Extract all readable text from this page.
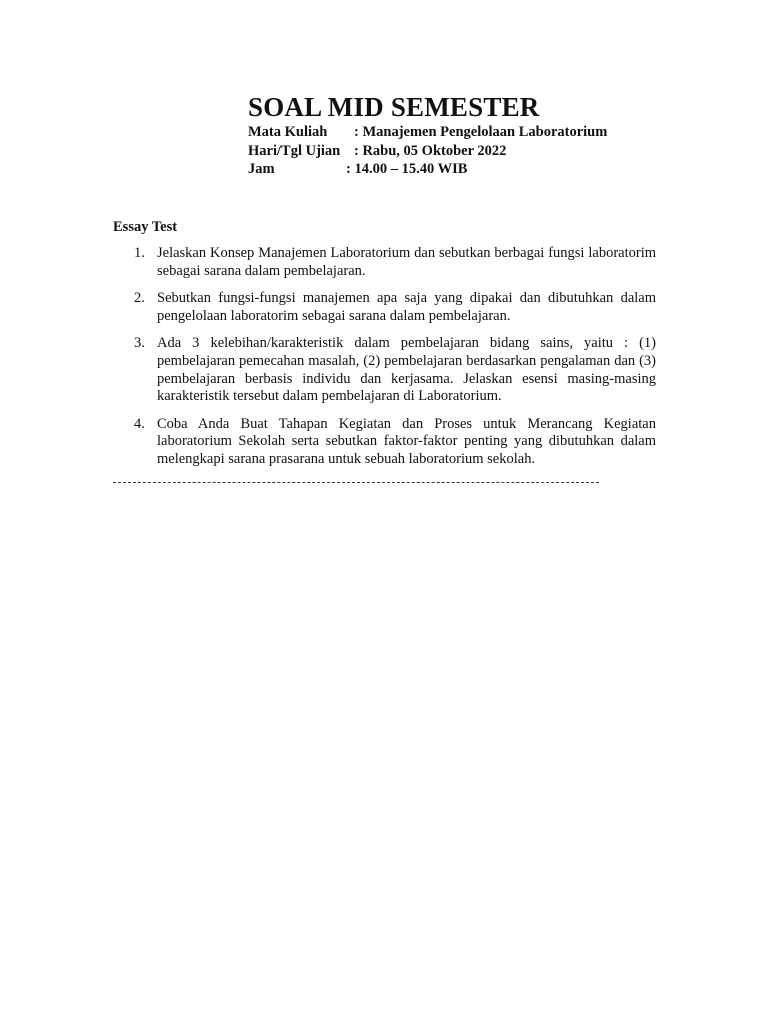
SOAL MID SEMESTER
Mata Kuliah : Manajemen Pengelolaan Laboratorium
Hari/Tgl Ujian : Rabu, 05 Oktober 2022
Jam	: 14.00 – 15.40 WIB
Essay Test
1. Jelaskan Konsep Manajemen Laboratorium dan sebutkan berbagai fungsi laboratorim sebagai sarana dalam pembelajaran.
2. Sebutkan fungsi-fungsi manajemen apa saja yang dipakai dan dibutuhkan dalam pengelolaan laboratorim sebagai sarana dalam pembelajaran.
3. Ada 3 kelebihan/karakteristik dalam pembelajaran bidang sains, yaitu : (1) pembelajaran pemecahan masalah, (2) pembelajaran berdasarkan pengalaman dan (3) pembelajaran berbasis individu dan kerjasama. Jelaskan esensi masing-masing karakteristik tersebut dalam pembelajaran di Laboratorium.
4. Coba Anda Buat Tahapan Kegiatan dan Proses untuk Merancang Kegiatan laboratorium Sekolah serta sebutkan faktor-faktor penting yang dibutuhkan dalam melengkapi sarana prasarana untuk sebuah laboratorium sekolah.
